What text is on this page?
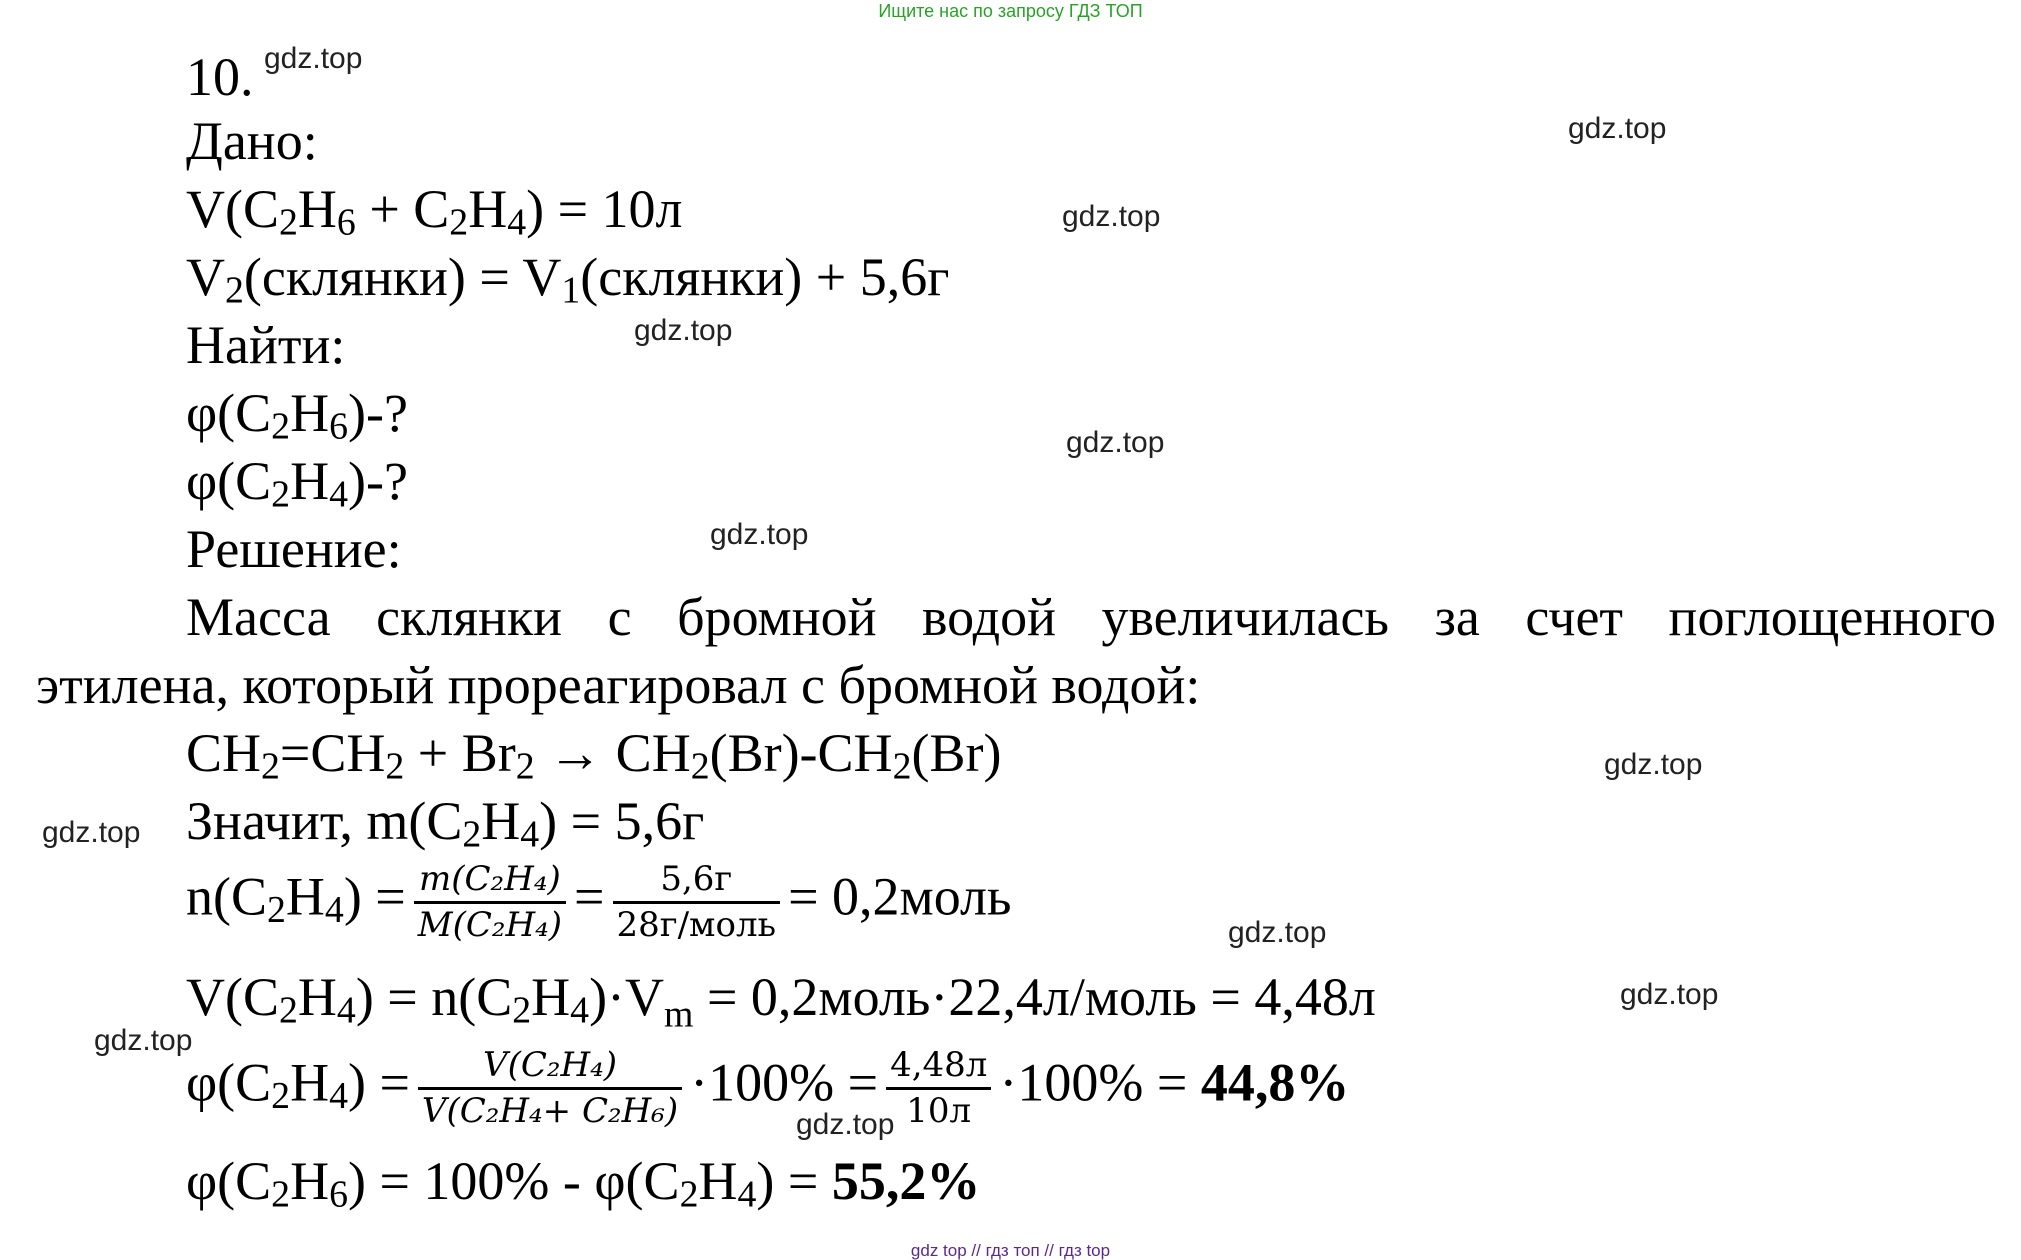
Ищите нас по запросу ГДЗ ТОП
10.
Дано:
V(C2H6 + C2H4) = 10л
V2(склянки) = V1(склянки) + 5,6г
Найти:
φ(C2H6)-?
φ(C2H4)-?
Решение:
Масса склянки с бромной водой увеличилась за счет поглощенного
этилена, который прореагировал с бромной водой:
CH2=CH2 + Br2 → CH2(Br)-CH2(Br)
Значит, m(C2H4) = 5,6г
$n(C2H4) = \frac{\text{m(C₂H₄)}}{\text{M(C₂H₄)}} = \frac{5,6г}{\text{28г/моль}}$ = 0,2моль
$V(C2H4) = n(C2H4)\cdot V_m$ = 0,2моль·22,4л/моль = 4,48л
$\varphi(C2H4) = \frac{\text{V(C₂H₄)}}{\text{V(C₂H₄+ C₂H₆)}} \cdot 100\% = \frac{4,48л}{10л} \cdot 100\% = 44,8\%$
φ(C2H6) = 100% - φ(C2H4) = 55,2%
gdz.top
gdz.top
gdz.top
gdz.top
gdz.top
gdz.top
gdz.top
gdz.top
gdz.top
gdz.top
gdz.top
gdz.top
gdz top // гдз топ // гдз top
